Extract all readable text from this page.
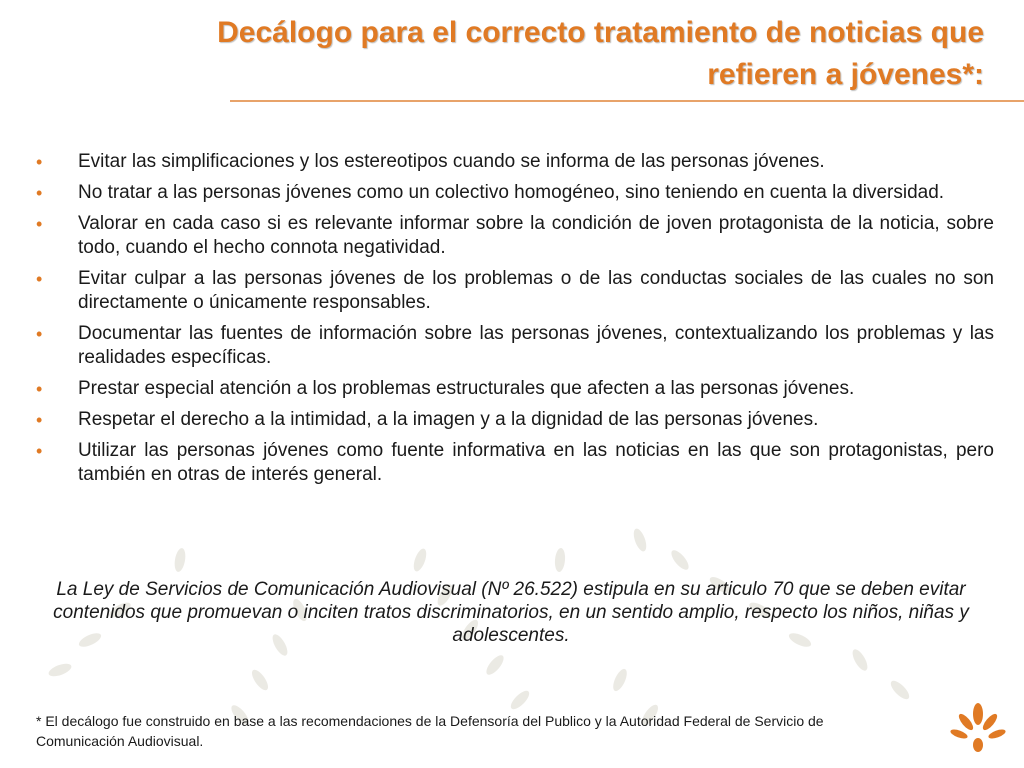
Decálogo para el correcto tratamiento de noticias que
refieren a jóvenes*:
• Evitar las simplificaciones y los estereotipos cuando se informa de las personas jóvenes.
• No tratar a las personas jóvenes como un colectivo homogéneo, sino teniendo en cuenta la diversidad.
• Valorar en cada caso si es relevante informar sobre la condición de joven protagonista de la noticia, sobre todo, cuando el hecho connota negatividad.
• Evitar culpar a las personas jóvenes de los problemas o de las conductas sociales de las cuales no son directamente o únicamente responsables.
• Documentar las fuentes de información sobre las personas jóvenes, contextualizando los problemas y las realidades específicas.
• Prestar especial atención a los problemas estructurales que afecten a las personas jóvenes.
• Respetar el derecho a la intimidad, a la imagen y a la dignidad de las personas jóvenes.
• Utilizar las personas jóvenes como fuente informativa en las noticias en las que son protagonistas, pero también en otras de interés general.

La Ley de Servicios de Comunicación Audiovisual (Nº 26.522) estipula en su articulo 70 que se deben evitar contenidos que promuevan o inciten tratos discriminatorios, en un sentido amplio, respecto los niños, niñas y adolescentes.

* El decálogo fue construido en base a las recomendaciones de la Defensoría del Publico y la Autoridad Federal de Servicio de
Comunicación Audiovisual.
